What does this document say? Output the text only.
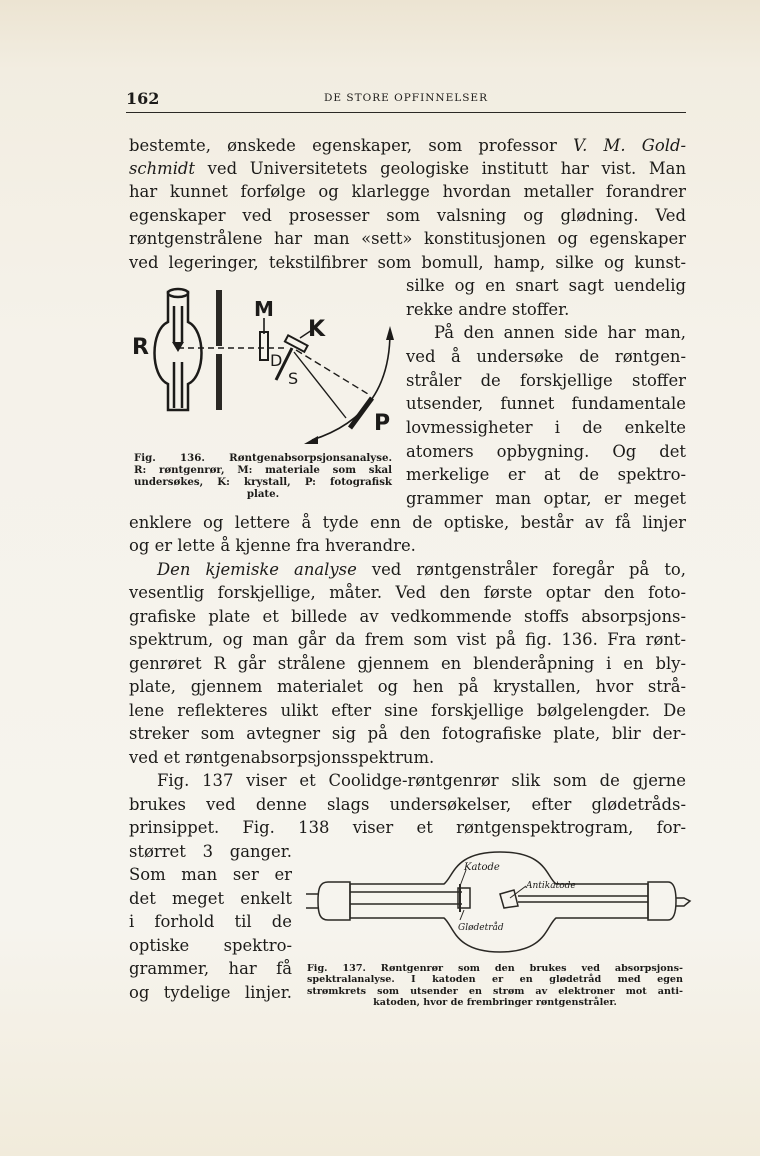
162	DE STORE OPFINNELSER
bestemte, ønskede egenskaper, som professor V. M. Gold-
schmidt ved Universitetets geologiske institutt har vist. Man
har kunnet forfølge og klarlegge hvordan metaller forandrer
egenskaper ved prosesser som valsning og glødning. Ved
røntgenstrålene har man «sett» konstitusjonen og egenskaper
ved legeringer, tekstilfibrer som bomull, hamp, silke og kunst-
silke og en snart sagt uendelig
rekke andre stoffer.
På den annen side har man,
ved å undersøke de røntgen-
stråler de forskjellige stoffer
utsender, funnet fundamentale
lovmessigheter i de enkelte
atomers opbygning. Og det
merkelige er at de spektro-
grammer man optar, er meget
R
M
K
D
S
P
Fig. 136. Røntgenabsorpsjonsanalyse.
R: røntgenrør, M: materiale som skal
undersøkes, K: krystall, P: fotografisk
plate.
enklere og lettere å tyde enn de optiske, består av få linjer
og er lette å kjenne fra hverandre.
Den kjemiske analyse ved røntgenstråler foregår på to,
vesentlig forskjellige, måter. Ved den første optar den foto-
grafiske plate et billede av vedkommende stoffs absorpsjons-
spektrum, og man går da frem som vist på fig. 136. Fra rønt-
genrøret R går strålene gjennem en blenderåpning i en bly-
plate, gjennem materialet og hen på krystallen, hvor strå-
lene reflekteres ulikt efter sine forskjellige bølgelengder. De
streker som avtegner sig på den fotografiske plate, blir der-
ved et røntgenabsorpsjonsspektrum.
Fig. 137 viser et Coolidge-røntgenrør slik som de gjerne
brukes ved denne slags undersøkelser, efter glødetråds-
prinsippet. Fig. 138 viser et røntgenspektrogram, for-
størret 3 ganger.
Som man ser er
det meget enkelt
i forhold til de
optiske spektro-
grammer, har få
og tydelige linjer.
Katode
Antikatode
Glødetråd
Fig. 137. Røntgenrør som den brukes ved absorpsjons-
spektralanalyse. I katoden er en glødetråd med egen
strømkrets som utsender en strøm av elektroner mot anti-
katoden, hvor de frembringer røntgenstråler.
